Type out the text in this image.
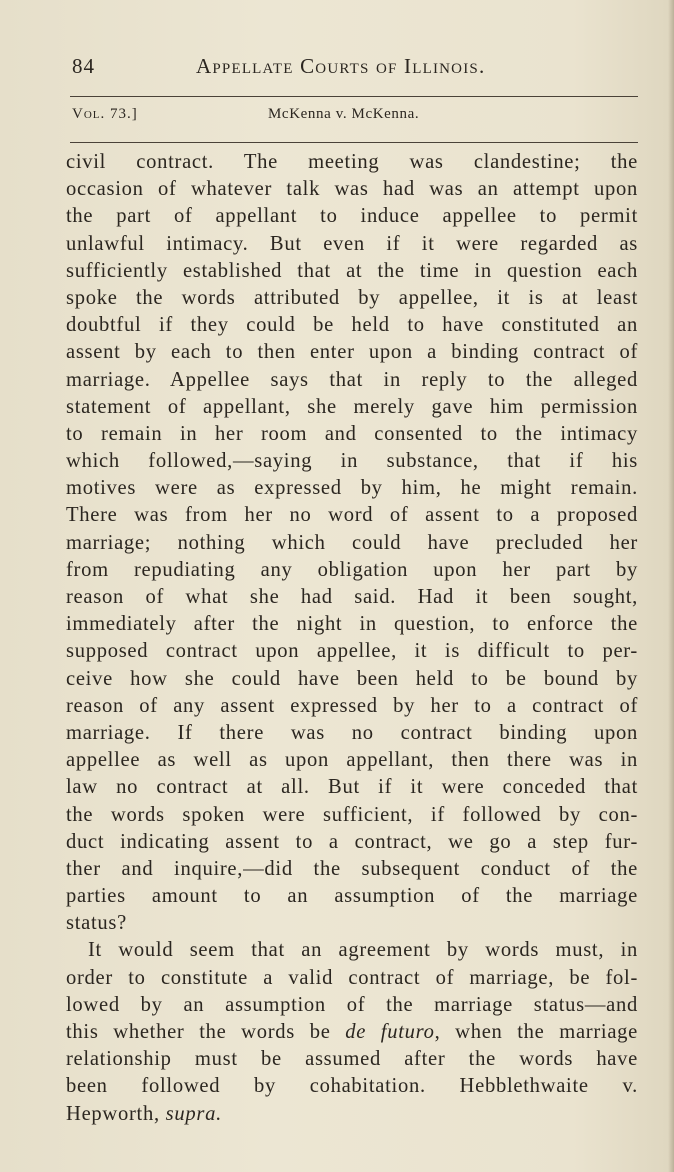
84	Appellate Courts of Illinois.
Vol. 73.]	McKenna v. McKenna.
civil contract. The meeting was clandestine; the
occasion of whatever talk was had was an attempt upon
the part of appellant to induce appellee to permit
unlawful intimacy. But even if it were regarded as
sufficiently established that at the time in question each
spoke the words attributed by appellee, it is at least
doubtful if they could be held to have constituted an
assent by each to then enter upon a binding contract of
marriage. Appellee says that in reply to the alleged
statement of appellant, she merely gave him permission
to remain in her room and consented to the intimacy
which followed,—saying in substance, that if his
motives were as expressed by him, he might remain.
There was from her no word of assent to a proposed
marriage; nothing which could have precluded her
from repudiating any obligation upon her part by
reason of what she had said. Had it been sought,
immediately after the night in question, to enforce the
supposed contract upon appellee, it is difficult to per-
ceive how she could have been held to be bound by
reason of any assent expressed by her to a contract of
marriage. If there was no contract binding upon
appellee as well as upon appellant, then there was in
law no contract at all. But if it were conceded that
the words spoken were sufficient, if followed by con-
duct indicating assent to a contract, we go a step fur-
ther and inquire,—did the subsequent conduct of the
parties amount to an assumption of the marriage
status?
It would seem that an agreement by words must, in
order to constitute a valid contract of marriage, be fol-
lowed by an assumption of the marriage status—and
this whether the words be de futuro, when the marriage
relationship must be assumed after the words have
been followed by cohabitation. Hebblethwaite v.
Hepworth, supra.
